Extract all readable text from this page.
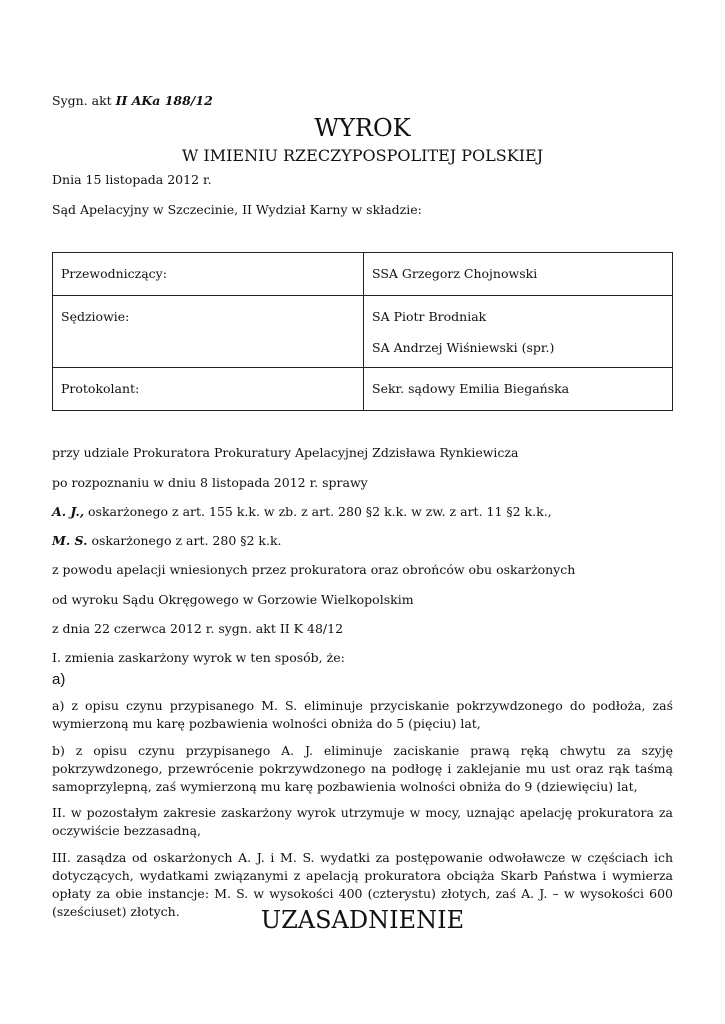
Sygn. akt II AKa 188/12
WYROK
W IMIENIU RZECZYPOSPOLITEJ POLSKIEJ
Dnia 15 listopada 2012 r.
Sąd Apelacyjny w Szczecinie, II Wydział Karny w składzie:
Przewodniczący:	SSA Grzegorz Chojnowski

Sędziowie:	SA Piotr Brodniak
SA Andrzej Wiśniewski (spr.)

Protokolant:	Sekr. sądowy Emilia Biegańska
przy udziale Prokuratora Prokuratury Apelacyjnej Zdzisława Rynkiewicza
po rozpoznaniu w dniu 8 listopada 2012 r. sprawy
A. J., oskarżonego z art. 155 k.k. w zb. z art. 280 §2 k.k. w zw. z art. 11 §2 k.k.,
M. S. oskarżonego z art. 280 §2 k.k.
z powodu apelacji wniesionych przez prokuratora oraz obrońców obu oskarżonych
od wyroku Sądu Okręgowego w Gorzowie Wielkopolskim
z dnia 22 czerwca 2012 r. sygn. akt II K 48/12
I. zmienia zaskarżony wyrok w ten sposób, że:
a)
a) z opisu czynu przypisanego M. S. eliminuje przyciskanie pokrzywdzonego do podłoża, zaś wymierzoną mu karę pozbawienia wolności obniża do 5 (pięciu) lat,
b) z opisu czynu przypisanego A. J. eliminuje zaciskanie prawą ręką chwytu za szyję pokrzywdzonego, przewrócenie pokrzywdzonego na podłogę i zaklejanie mu ust oraz rąk taśmą samoprzylepną, zaś wymierzoną mu karę pozbawienia wolności obniża do 9 (dziewięciu) lat,
II. w pozostałym zakresie zaskarżony wyrok utrzymuje w mocy, uznając apelację prokuratora za oczywiście bezzasadną,
III. zasądza od oskarżonych A. J. i M. S. wydatki za postępowanie odwoławcze w częściach ich dotyczących, wydatkami związanymi z apelacją prokuratora obciąża Skarb Państwa i wymierza opłaty za obie instancje: M. S. w wysokości 400 (czterystu) złotych, zaś A. J. – w wysokości 600 (sześciuset) złotych.	UZASADNIENIE
